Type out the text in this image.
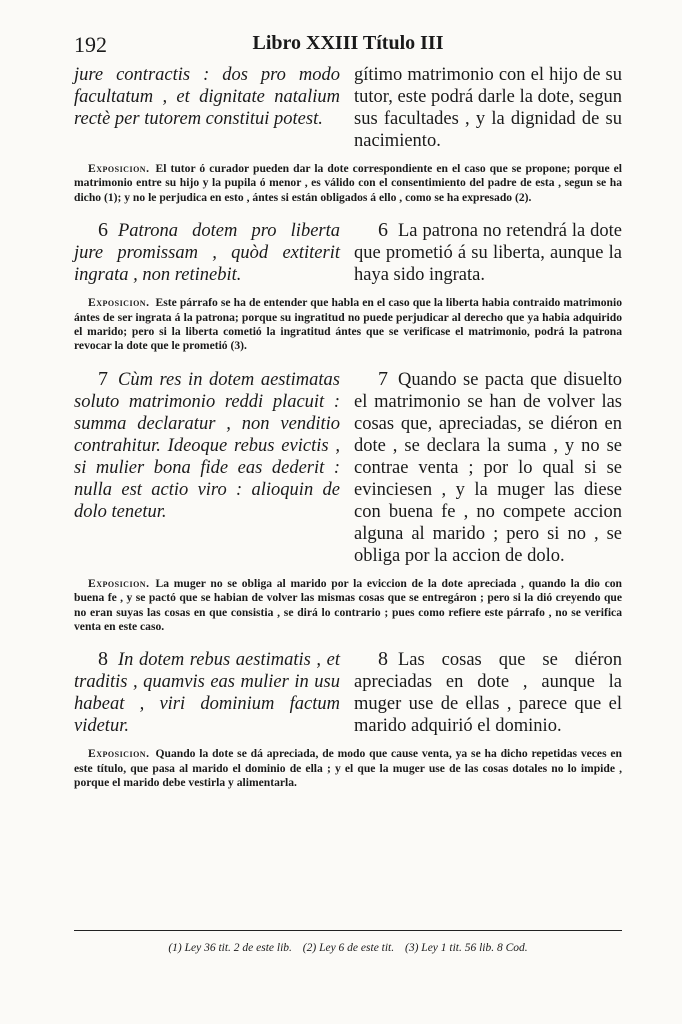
192	Libro XXIII Título III
jure contractis : dos pro modo facultatum , et dignitate natalium rectè per tutorem constitui potest.
gítimo matrimonio con el hijo de su tutor, este podrá darle la dote, segun sus facultades , y la dignidad de su nacimiento.
Exposicion. El tutor ó curador pueden dar la dote correspondiente en el caso que se propone; porque el matrimonio entre su hijo y la pupila ó menor , es válido con el consentimiento del padre de esta , segun se ha dicho (1); y no le perjudica en esto , ántes si están obligados á ello , como se ha expresado (2).
6 Patrona dotem pro liberta jure promissam , quòd extiterit ingrata , non retinebit.
6 La patrona no retendrá la dote que prometió á su liberta, aunque la haya sido ingrata.
Exposicion. Este párrafo se ha de entender que habla en el caso que la liberta habia contraido matrimonio ántes de ser ingrata á la patrona; porque su ingratitud no puede perjudicar al derecho que ya habia adquirido el marido; pero si la liberta cometió la ingratitud ántes que se verificase el matrimonio, podrá la patrona revocar la dote que le prometió (3).
7 Cùm res in dotem aestimatas soluto matrimonio reddi placuit : summa declaratur , non venditio contrahitur. Ideoque rebus evictis , si mulier bona fide eas dederit : nulla est actio viro : alioquin de dolo tenetur.
7 Quando se pacta que disuelto el matrimonio se han de volver las cosas que, apreciadas, se diéron en dote , se declara la suma , y no se contrae venta ; por lo qual si se evinciesen , y la muger las diese con buena fe , no compete accion alguna al marido ; pero si no , se obliga por la accion de dolo.
Exposicion. La muger no se obliga al marido por la eviccion de la dote apreciada , quando la dio con buena fe , y se pactó que se habian de volver las mismas cosas que se entregáron ; pero si la dió creyendo que no eran suyas las cosas en que consistia , se dirá lo contrario ; pues como refiere este párrafo , no se verifica venta en este caso.
8 In dotem rebus aestimatis , et traditis , quamvis eas mulier in usu habeat , viri dominium factum videtur.
8 Las cosas que se diéron apreciadas en dote , aunque la muger use de ellas , parece que el marido adquirió el dominio.
Exposicion. Quando la dote se dá apreciada, de modo que cause venta, ya se ha dicho repetidas veces en este título, que pasa al marido el dominio de ella ; y el que la muger use de las cosas dotales no lo impide , porque el marido debe vestirla y alimentarla.
(1) Ley 36 tit. 2 de este lib. (2) Ley 6 de este tit. (3) Ley 1 tit. 56 lib. 8 Cod.
